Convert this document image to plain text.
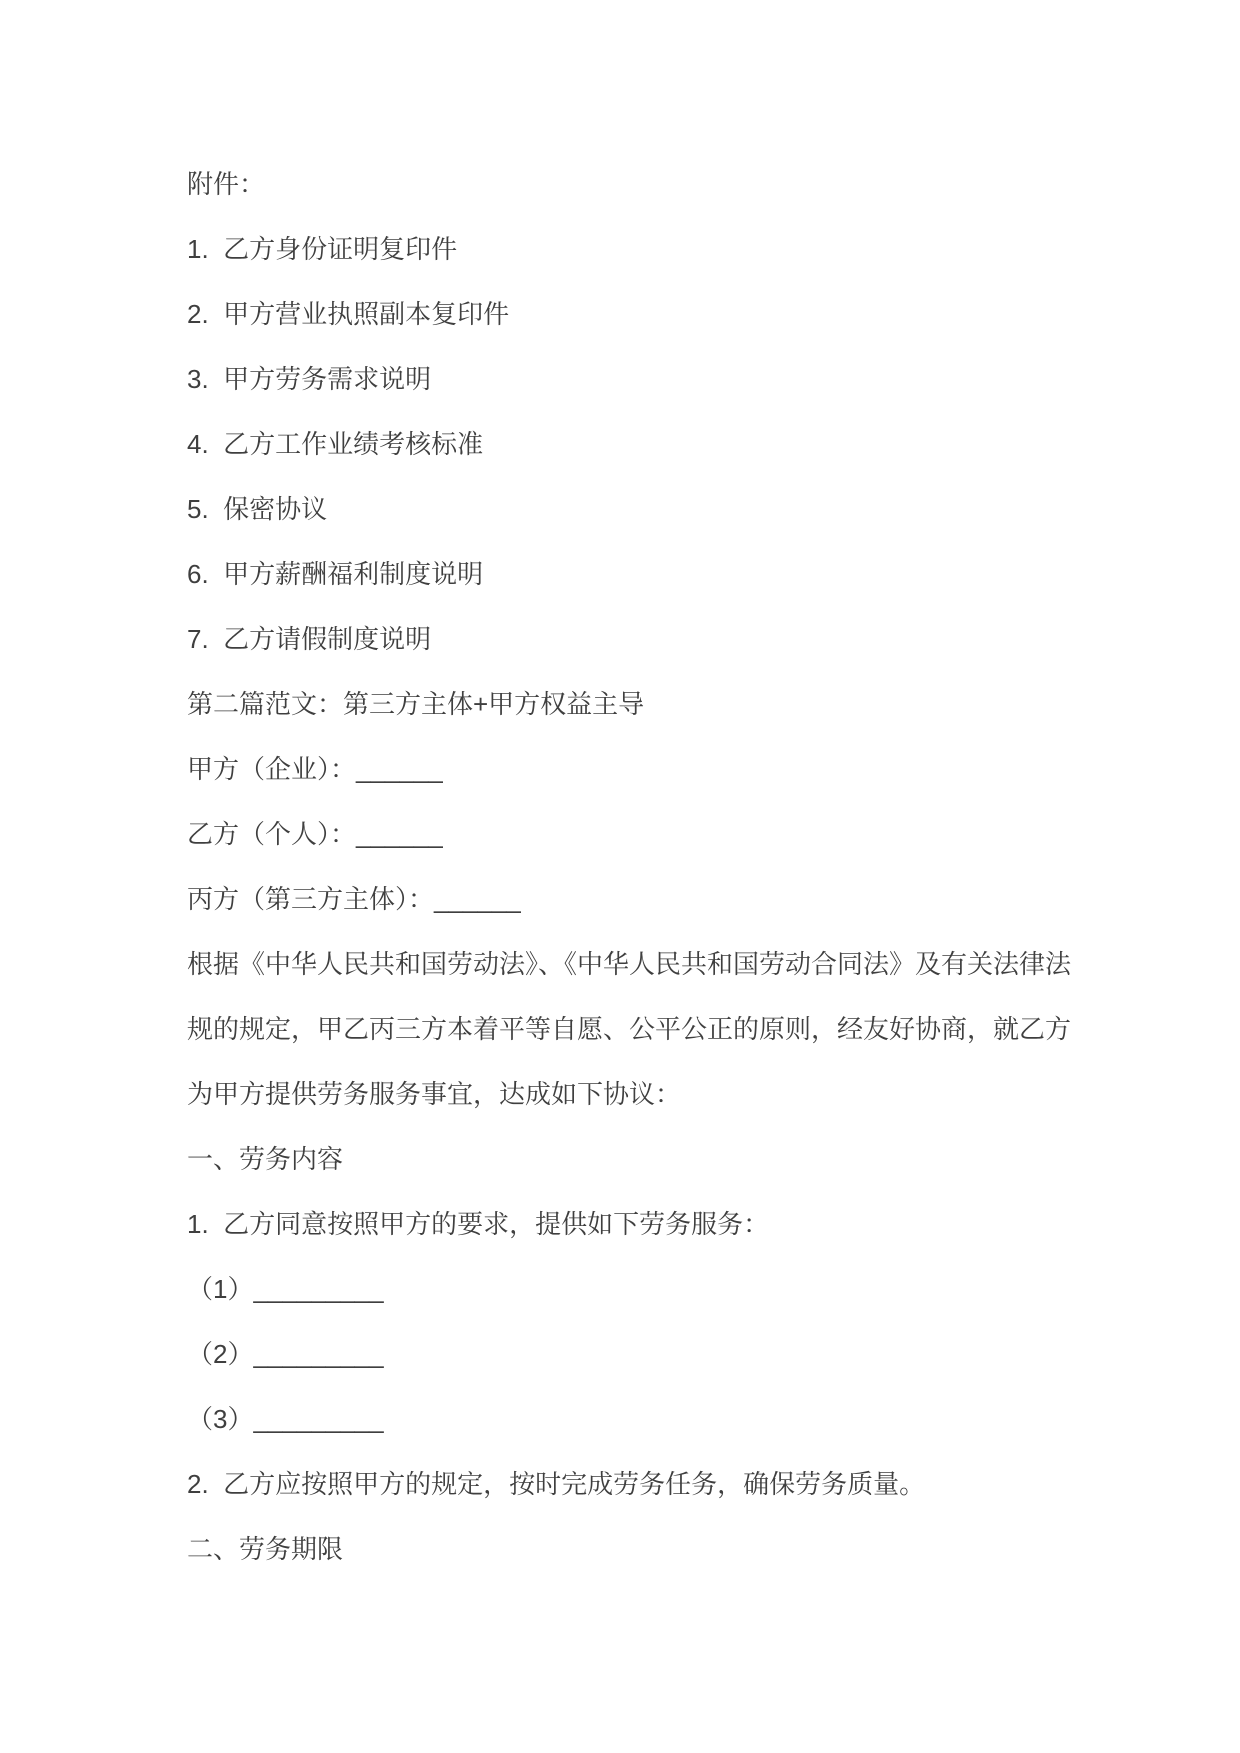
附件：
1.  乙方身份证明复印件
2.  甲方营业执照副本复印件
3.  甲方劳务需求说明
4.  乙方工作业绩考核标准
5.  保密协议
6.  甲方薪酬福利制度说明
7.  乙方请假制度说明
第二篇范文：第三方主体+甲方权益主导
甲方（企业）：______
乙方（个人）：______
丙方（第三方主体）：______
根据《中华人民共和国劳动法》、《中华人民共和国劳动合同法》及有关法律法
规的规定，甲乙丙三方本着平等自愿、公平公正的原则，经友好协商，就乙方
为甲方提供劳务服务事宜，达成如下协议：
一、劳务内容
1.  乙方同意按照甲方的要求，提供如下劳务服务：
（1）_________
（2）_________
（3）_________
2.  乙方应按照甲方的规定，按时完成劳务任务，确保劳务质量。
二、劳务期限
